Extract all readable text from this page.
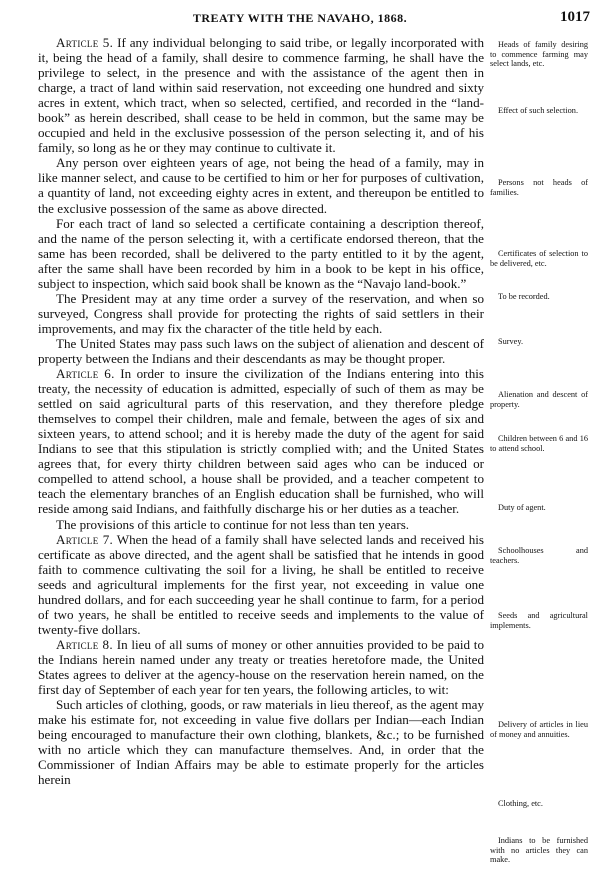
TREATY WITH THE NAVAHO, 1868.	1017

Article 5. If any individual belonging to said tribe, or legally incorporated with it, being the head of a family, shall desire to commence farming, he shall have the privilege to select, in the presence and with the assistance of the agent then in charge, a tract of land within said reservation, not exceeding one hundred and sixty acres in extent, which tract, when so selected, certified, and recorded in the “land-book” as herein described, shall cease to be held in common, but the same may be occupied and held in the exclusive possession of the person selecting it, and of his family, so long as he or they may continue to cultivate it.

Any person over eighteen years of age, not being the head of a family, may in like manner select, and cause to be certified to him or her for purposes of cultivation, a quantity of land, not exceeding eighty acres in extent, and thereupon be entitled to the exclusive possession of the same as above directed.

For each tract of land so selected a certificate containing a description thereof, and the name of the person selecting it, with a certificate endorsed thereon, that the same has been recorded, shall be delivered to the party entitled to it by the agent, after the same shall have been recorded by him in a book to be kept in his office, subject to inspection, which said book shall be known as the “Navajo land-book.”

The President may at any time order a survey of the reservation, and when so surveyed, Congress shall provide for protecting the rights of said settlers in their improvements, and may fix the character of the title held by each.

The United States may pass such laws on the subject of alienation and descent of property between the Indians and their descendants as may be thought proper.

Article 6. In order to insure the civilization of the Indians entering into this treaty, the necessity of education is admitted, especially of such of them as may be settled on said agricultural parts of this reservation, and they therefore pledge themselves to compel their children, male and female, between the ages of six and sixteen years, to attend school; and it is hereby made the duty of the agent for said Indians to see that this stipulation is strictly complied with; and the United States agrees that, for every thirty children between said ages who can be induced or compelled to attend school, a house shall be provided, and a teacher competent to teach the elementary branches of an English education shall be furnished, who will reside among said Indians, and faithfully discharge his or her duties as a teacher.

The provisions of this article to continue for not less than ten years.

Article 7. When the head of a family shall have selected lands and received his certificate as above directed, and the agent shall be satisfied that he intends in good faith to commence cultivating the soil for a living, he shall be entitled to receive seeds and agricultural implements for the first year, not exceeding in value one hundred dollars, and for each succeeding year he shall continue to farm, for a period of two years, he shall be entitled to receive seeds and implements to the value of twenty-five dollars.

Article 8. In lieu of all sums of money or other annuities provided to be paid to the Indians herein named under any treaty or treaties heretofore made, the United States agrees to deliver at the agency-house on the reservation herein named, on the first day of September of each year for ten years, the following articles, to wit:

Such articles of clothing, goods, or raw materials in lieu thereof, as the agent may make his estimate for, not exceeding in value five dollars per Indian—each Indian being encouraged to manufacture their own clothing, blankets, &c.; to be furnished with no article which they can manufacture themselves. And, in order that the Commissioner of Indian Affairs may be able to estimate properly for the articles herein

Heads of family desiring to commence farming may select lands, etc.
Effect of such selection.
Persons not heads of families.
Certificates of selection to be delivered, etc.
To be recorded.
Survey.
Alienation and descent of property.
Children between 6 and 16 to attend school.
Duty of agent.
Schoolhouses and teachers.
Seeds and agricultural implements.
Delivery of articles in lieu of money and annuities.
Clothing, etc.
Indians to be furnished with no articles they can make.
